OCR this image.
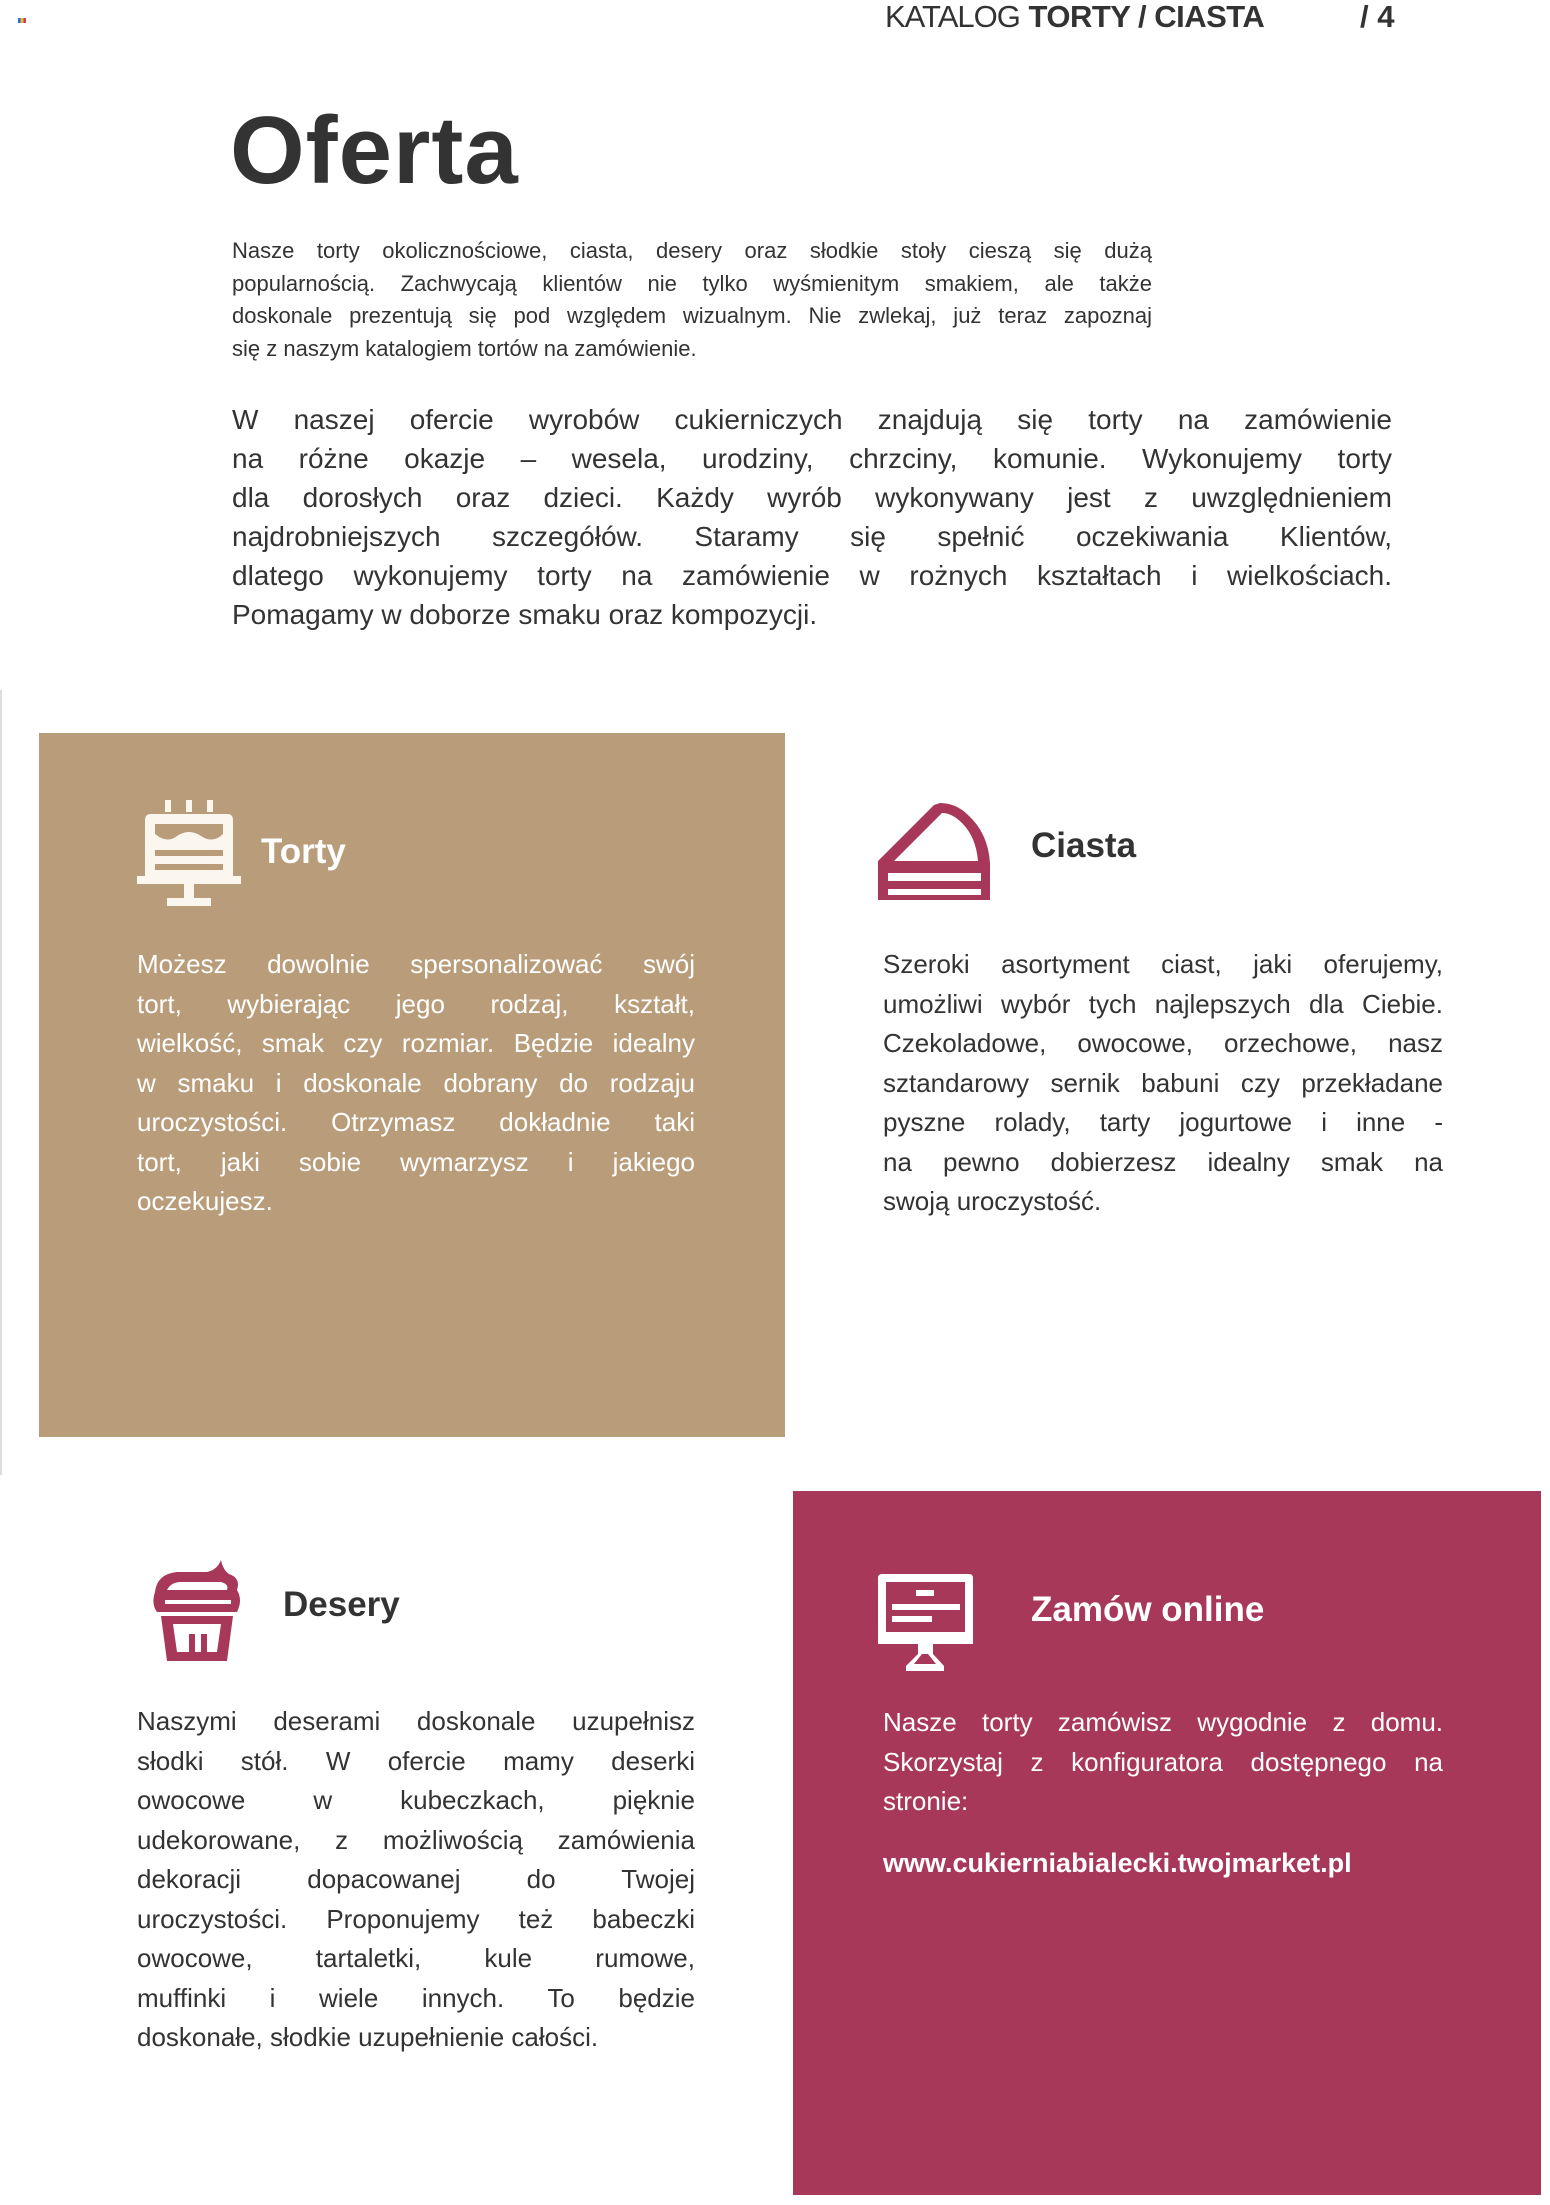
KATALOG TORTY / CIASTA	/ 4
Oferta
Nasze torty okolicznościowe, ciasta, desery oraz słodkie stoły cieszą się dużą
popularnością. Zachwycają klientów nie tylko wyśmienitym smakiem, ale także
doskonale prezentują się pod względem wizualnym. Nie zwlekaj, już teraz zapoznaj
się z naszym katalogiem tortów na zamówienie.
W naszej ofercie wyrobów cukierniczych znajdują się torty na zamówienie
na różne okazje – wesela, urodziny, chrzciny, komunie. Wykonujemy torty
dla dorosłych oraz dzieci. Każdy wyrób wykonywany jest z uwzględnieniem
najdrobniejszych szczegółów. Staramy się spełnić oczekiwania Klientów,
dlatego wykonujemy torty na zamówienie w rożnych kształtach i wielkościach.
Pomagamy w doborze smaku oraz kompozycji.
Torty
Możesz dowolnie spersonalizować swój
tort, wybierając jego rodzaj, kształt,
wielkość, smak czy rozmiar. Będzie idealny
w smaku i doskonale dobrany do rodzaju
uroczystości. Otrzymasz dokładnie taki
tort, jaki sobie wymarzysz i jakiego
oczekujesz.
Ciasta
Szeroki asortyment ciast, jaki oferujemy,
umożliwi wybór tych najlepszych dla Ciebie.
Czekoladowe, owocowe, orzechowe, nasz
sztandarowy sernik babuni czy przekładane
pyszne rolady, tarty jogurtowe i inne -
na pewno dobierzesz idealny smak na
swoją uroczystość.
Desery
Naszymi deserami doskonale uzupełnisz
słodki stół. W ofercie mamy deserki
owocowe w kubeczkach, pięknie
udekorowane, z możliwością zamówienia
dekoracji dopacowanej do Twojej
uroczystości. Proponujemy też babeczki
owocowe, tartaletki, kule rumowe,
muffinki i wiele innych. To będzie
doskonałe, słodkie uzupełnienie całości.
Zamów online
Nasze torty zamówisz wygodnie z domu.
Skorzystaj z konfiguratora dostępnego na
stronie:
www.cukierniabialecki.twojmarket.pl
